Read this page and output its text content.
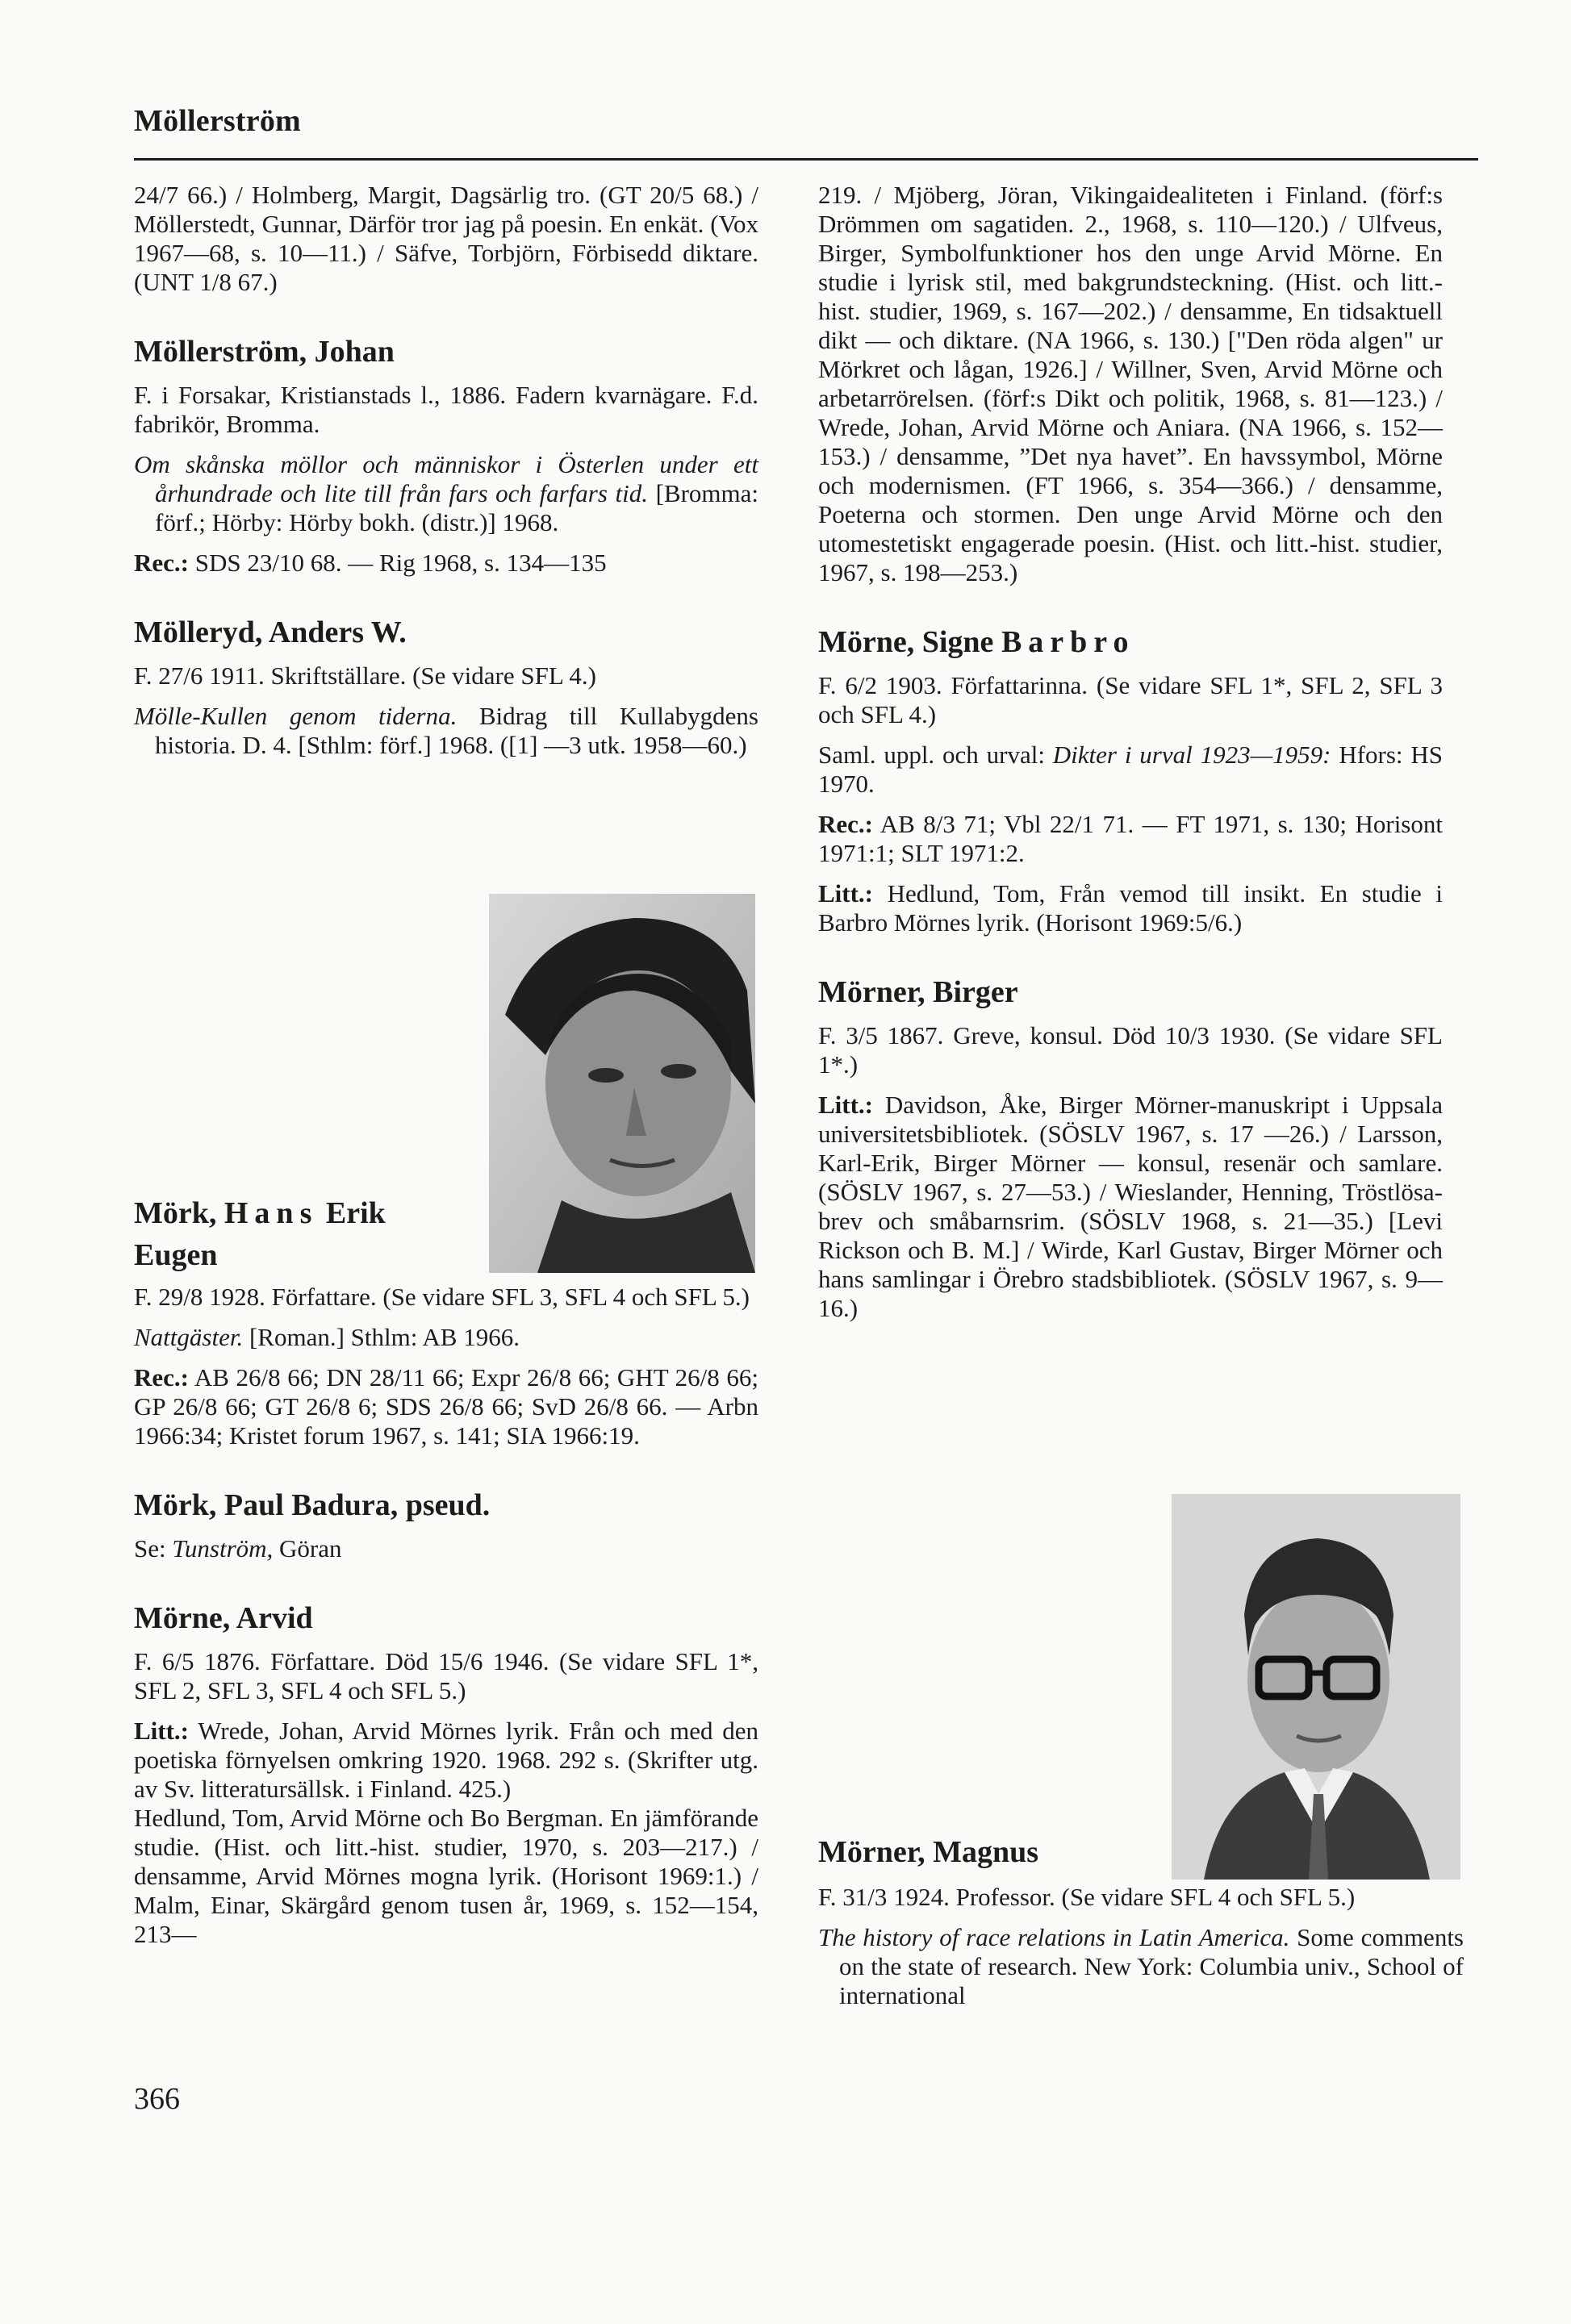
Möllerström

24/7 66.) / Holmberg, Margit, Dagsärlig tro. (GT 20/5 68.) / Möllerstedt, Gunnar, Därför tror jag på poesin. En enkät. (Vox 1967—68, s. 10—11.) / Säfve, Torbjörn, Förbisedd diktare. (UNT 1/8 67.)

Möllerström, Johan

F. i Forsakar, Kristianstads l., 1886. Fadern kvarnägare. F.d. fabrikör, Bromma.

Om skånska möllor och människor i Österlen under ett århundrade och lite till från fars och farfars tid. [Bromma: förf.; Hörby: Hörby bokh. (distr.)] 1968.

Rec.: SDS 23/10 68. — Rig 1968, s. 134—135

Mölleryd, Anders W.

F. 27/6 1911. Skriftställare. (Se vidare SFL 4.)

Mölle-Kullen genom tiderna. Bidrag till Kullabygdens historia. D. 4. [Sthlm: förf.] 1968. ([1] —3 utk. 1958—60.)

Mörk, Hans Erik
Eugen

F. 29/8 1928. Författare. (Se vidare SFL 3, SFL 4 och SFL 5.)

Nattgäster. [Roman.] Sthlm: AB 1966.

Rec.: AB 26/8 66; DN 28/11 66; Expr 26/8 66; GHT 26/8 66; GP 26/8 66; GT 26/8 6; SDS 26/8 66; SvD 26/8 66. — Arbn 1966:34; Kristet forum 1967, s. 141; SIA 1966:19.

Mörk, Paul Badura, pseud.

Se: Tunström, Göran

Mörne, Arvid

F. 6/5 1876. Författare. Död 15/6 1946. (Se vidare SFL 1*, SFL 2, SFL 3, SFL 4 och SFL 5.)

Litt.: Wrede, Johan, Arvid Mörnes lyrik. Från och med den poetiska förnyelsen omkring 1920. 1968. 292 s. (Skrifter utg. av Sv. litteratursällsk. i Finland. 425.)

Hedlund, Tom, Arvid Mörne och Bo Bergman. En jämförande studie. (Hist. och litt.-hist. studier, 1970, s. 203—217.) / densamme, Arvid Mörnes mogna lyrik. (Horisont 1969:1.) / Malm, Einar, Skärgård genom tusen år, 1969, s. 152—154, 213—

219. / Mjöberg, Jöran, Vikingaidealiteten i Finland. (förf:s Drömmen om sagatiden. 2., 1968, s. 110—120.) / Ulfveus, Birger, Symbolfunktioner hos den unge Arvid Mörne. En studie i lyrisk stil, med bakgrundsteckning. (Hist. och litt.-hist. studier, 1969, s. 167—202.) / densamme, En tidsaktuell dikt — och diktare. (NA 1966, s. 130.) ["Den röda algen" ur Mörkret och lågan, 1926.] / Willner, Sven, Arvid Mörne och arbetarrörelsen. (förf:s Dikt och politik, 1968, s. 81—123.) / Wrede, Johan, Arvid Mörne och Aniara. (NA 1966, s. 152—153.) / densamme, ”Det nya havet”. En havssymbol, Mörne och modernismen. (FT 1966, s. 354—366.) / densamme, Poeterna och stormen. Den unge Arvid Mörne och den utomestetiskt engagerade poesin. (Hist. och litt.-hist. studier, 1967, s. 198—253.)

Mörne, Signe Barbro

F. 6/2 1903. Författarinna. (Se vidare SFL 1*, SFL 2, SFL 3 och SFL 4.)

Saml. uppl. och urval: Dikter i urval 1923—1959: Hfors: HS 1970.

Rec.: AB 8/3 71; Vbl 22/1 71. — FT 1971, s. 130; Horisont 1971:1; SLT 1971:2.

Litt.: Hedlund, Tom, Från vemod till insikt. En studie i Barbro Mörnes lyrik. (Horisont 1969:5/6.)

Mörner, Birger

F. 3/5 1867. Greve, konsul. Död 10/3 1930. (Se vidare SFL 1*.)

Litt.: Davidson, Åke, Birger Mörner-manuskript i Uppsala universitetsbibliotek. (SÖSLV 1967, s. 17 —26.) / Larsson, Karl-Erik, Birger Mörner — konsul, resenär och samlare. (SÖSLV 1967, s. 27—53.) / Wieslander, Henning, Tröstlösa-brev och småbarnsrim. (SÖSLV 1968, s. 21—35.) [Levi Rickson och B. M.] / Wirde, Karl Gustav, Birger Mörner och hans samlingar i Örebro stadsbibliotek. (SÖSLV 1967, s. 9—16.)

Mörner, Magnus

F. 31/3 1924. Professor. (Se vidare SFL 4 och SFL 5.)

The history of race relations in Latin America. Some comments on the state of research. New York: Columbia univ., School of international

366
